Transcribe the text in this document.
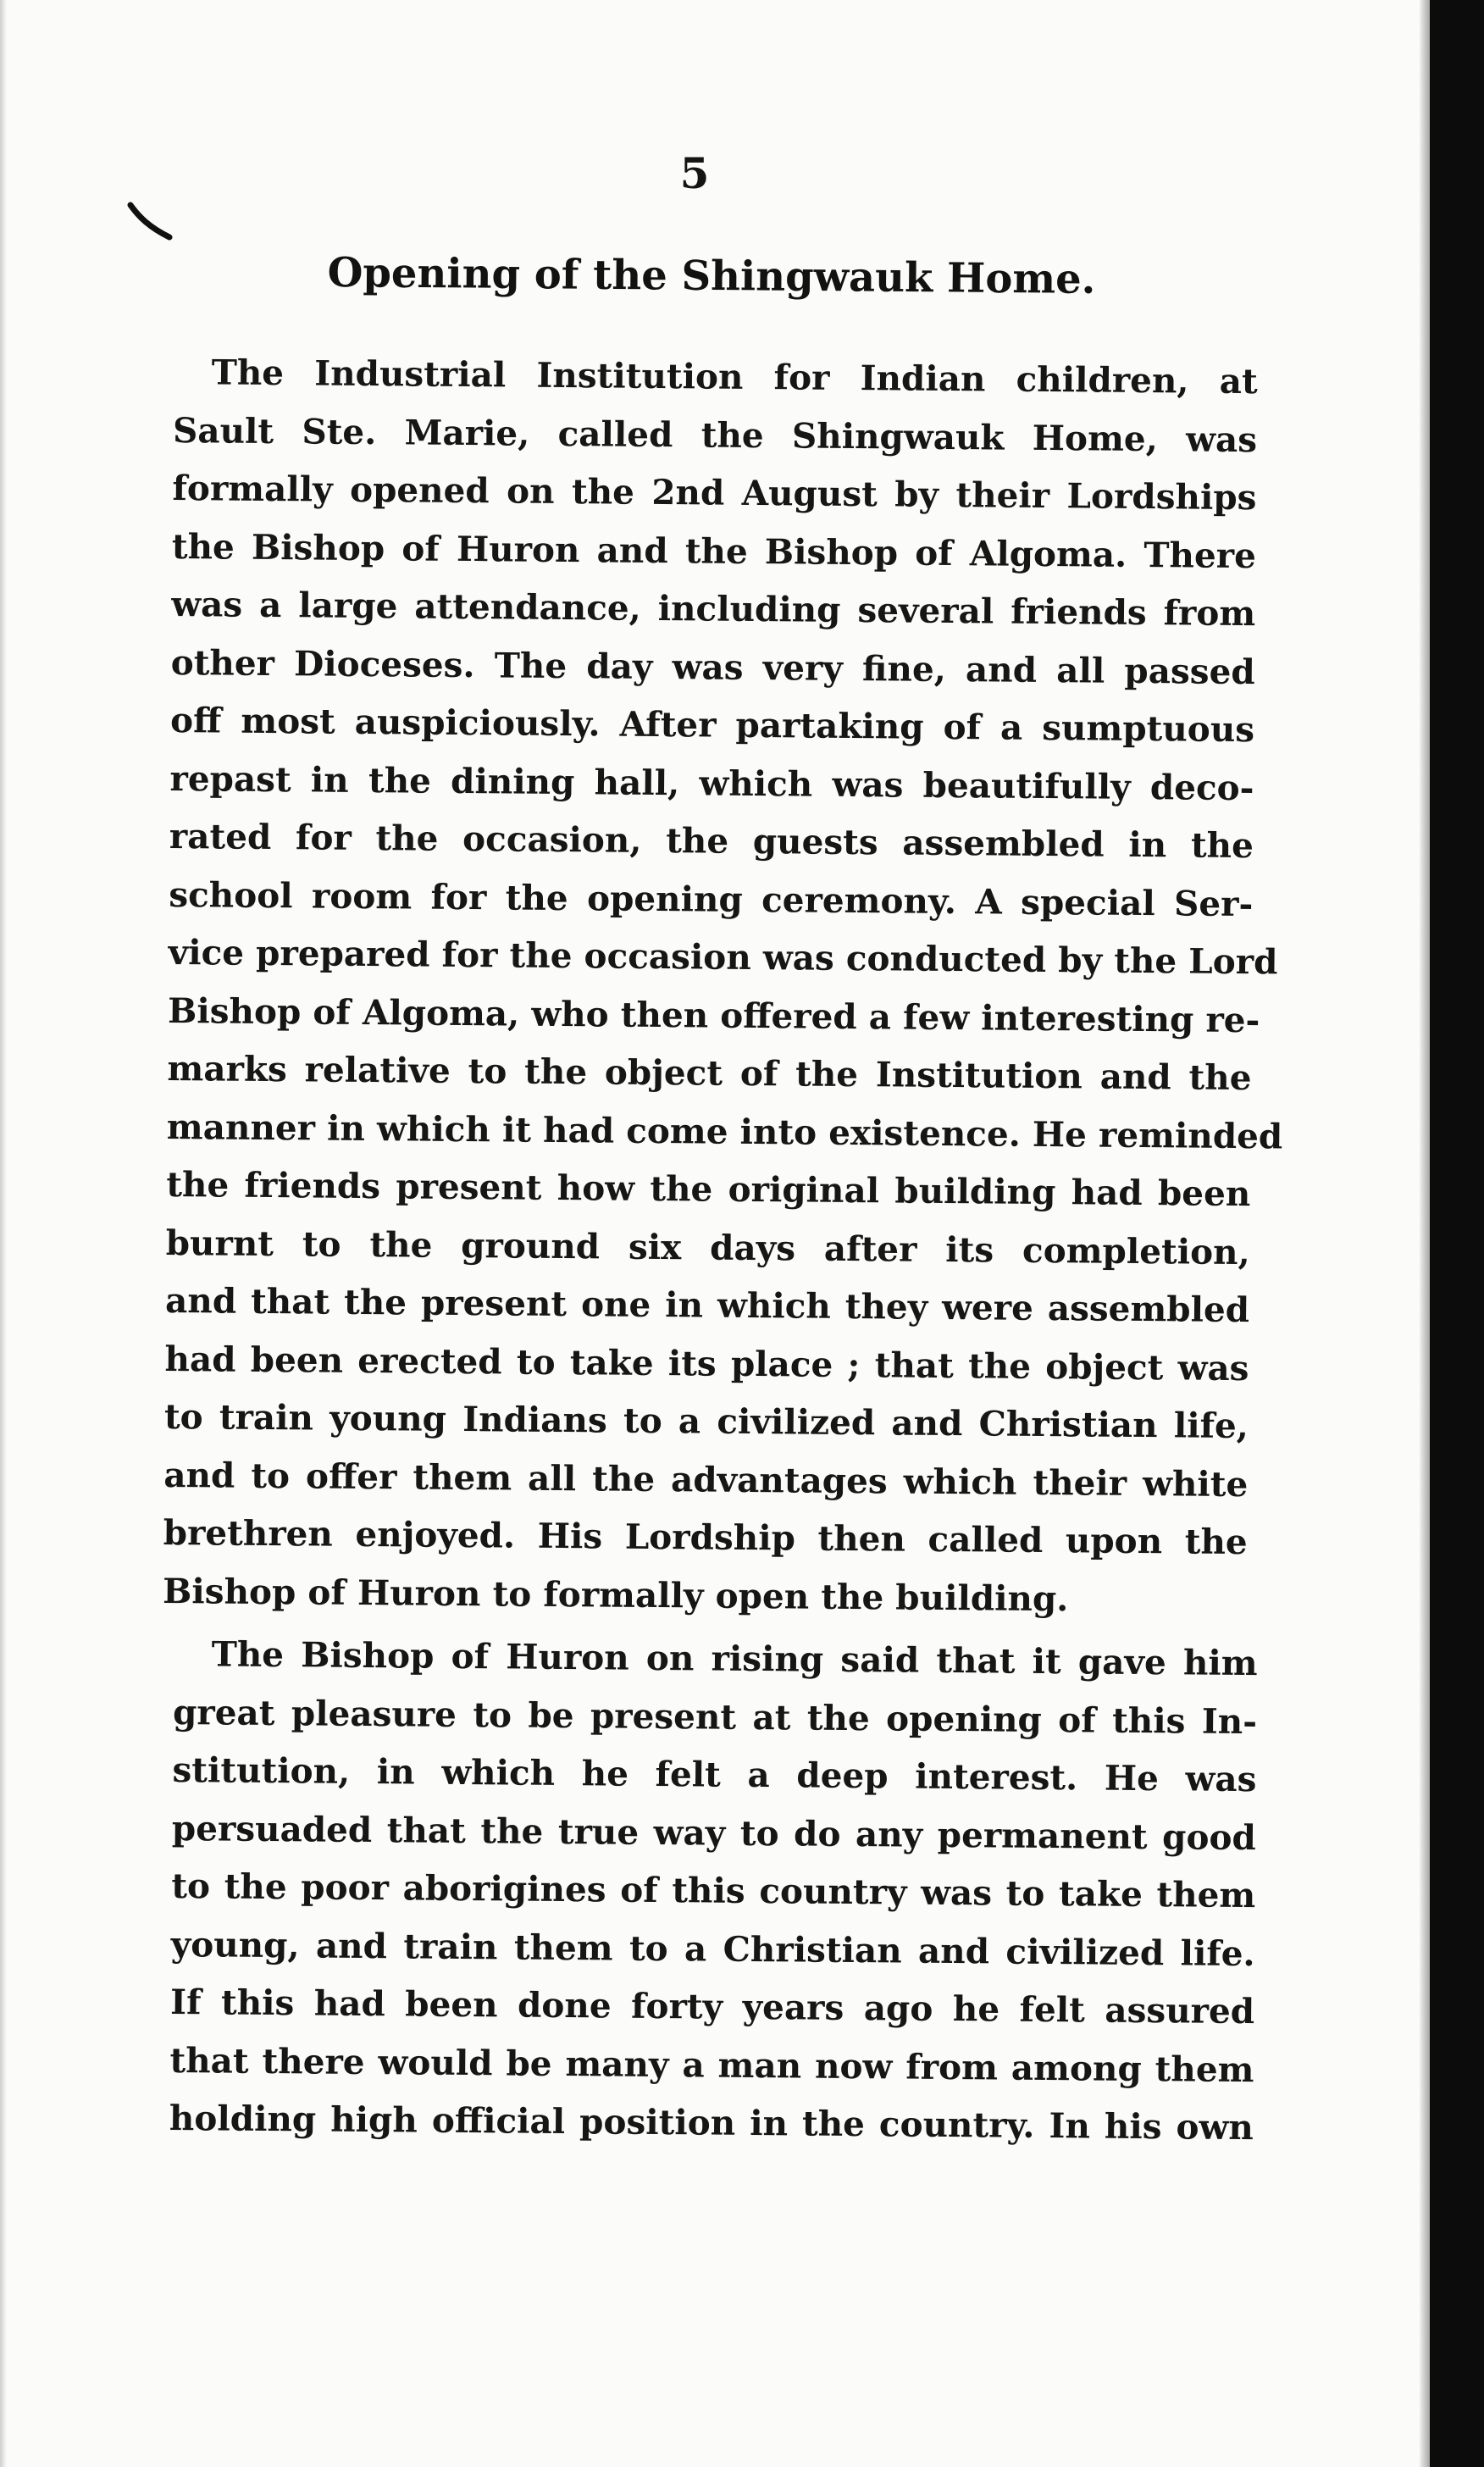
5
Opening of the Shingwauk Home.
The Industrial Institution for Indian children, at
Sault Ste. Marie, called the Shingwauk Home, was
formally opened on the 2nd August by their Lordships
the Bishop of Huron and the Bishop of Algoma. There
was a large attendance, including several friends from
other Dioceses. The day was very fine, and all passed
off most auspiciously. After partaking of a sumptuous
repast in the dining hall, which was beautifully deco-
rated for the occasion, the guests assembled in the
school room for the opening ceremony. A special Ser-
vice prepared for the occasion was conducted by the Lord
Bishop of Algoma, who then offered a few interesting re-
marks relative to the object of the Institution and the
manner in which it had come into existence. He reminded
the friends present how the original building had been
burnt to the ground six days after its completion,
and that the present one in which they were assembled
had been erected to take its place ; that the object was
to train young Indians to a civilized and Christian life,
and to offer them all the advantages which their white
brethren enjoyed. His Lordship then called upon the
Bishop of Huron to formally open the building.
The Bishop of Huron on rising said that it gave him
great pleasure to be present at the opening of this In-
stitution, in which he felt a deep interest. He was
persuaded that the true way to do any permanent good
to the poor aborigines of this country was to take them
young, and train them to a Christian and civilized life.
If this had been done forty years ago he felt assured
that there would be many a man now from among them
holding high official position in the country. In his own
